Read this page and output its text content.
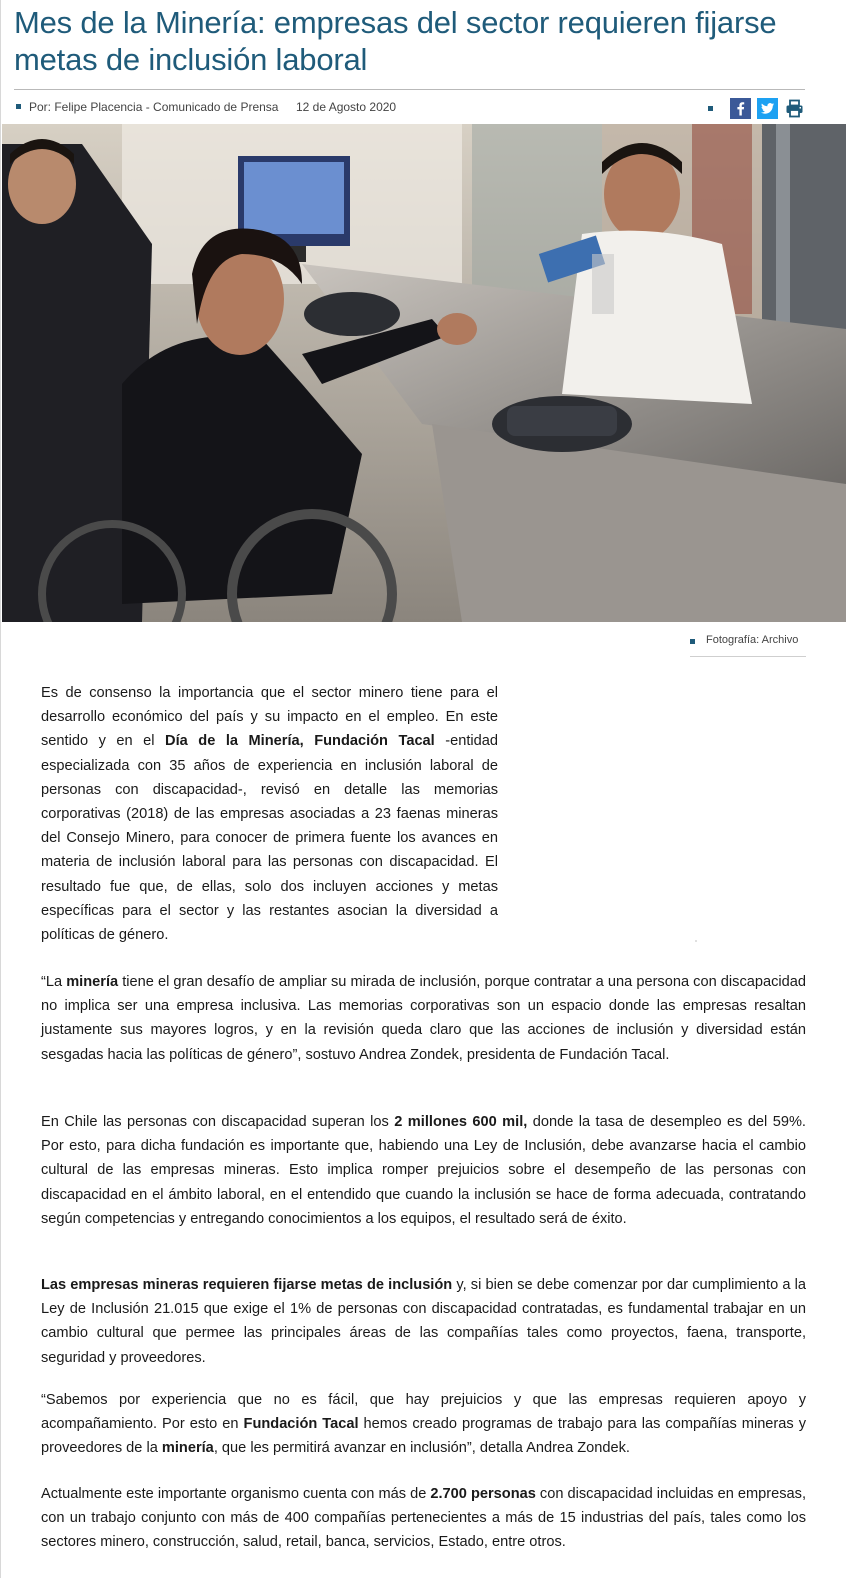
Mes de la Minería: empresas del sector requieren fijarse metas de inclusión laboral
Por: Felipe Placencia - Comunicado de Prensa 12 de Agosto 2020
Fotografía: Archivo

Es de consenso la importancia que el sector minero tiene para el desarrollo económico del país y su impacto en el empleo. En este sentido y en el Día de la Minería, Fundación Tacal -entidad especializada con 35 años de experiencia en inclusión laboral de personas con discapacidad-, revisó en detalle las memorias corporativas (2018) de las empresas asociadas a 23 faenas mineras del Consejo Minero, para conocer de primera fuente los avances en materia de inclusión laboral para las personas con discapacidad. El resultado fue que, de ellas, solo dos incluyen acciones y metas específicas para el sector y las restantes asocian la diversidad a políticas de género.

“La minería tiene el gran desafío de ampliar su mirada de inclusión, porque contratar a una persona con discapacidad no implica ser una empresa inclusiva. Las memorias corporativas son un espacio donde las empresas resaltan justamente sus mayores logros, y en la revisión queda claro que las acciones de inclusión y diversidad están sesgadas hacia las políticas de género”, sostuvo Andrea Zondek, presidenta de Fundación Tacal.

En Chile las personas con discapacidad superan los 2 millones 600 mil, donde la tasa de desempleo es del 59%. Por esto, para dicha fundación es importante que, habiendo una Ley de Inclusión, debe avanzarse hacia el cambio cultural de las empresas mineras. Esto implica romper prejuicios sobre el desempeño de las personas con discapacidad en el ámbito laboral, en el entendido que cuando la inclusión se hace de forma adecuada, contratando según competencias y entregando conocimientos a los equipos, el resultado será de éxito.

Las empresas mineras requieren fijarse metas de inclusión y, si bien se debe comenzar por dar cumplimiento a la Ley de Inclusión 21.015 que exige el 1% de personas con discapacidad contratadas, es fundamental trabajar en un cambio cultural que permee las principales áreas de las compañías tales como proyectos, faena, transporte, seguridad y proveedores.

“Sabemos por experiencia que no es fácil, que hay prejuicios y que las empresas requieren apoyo y acompañamiento. Por esto en Fundación Tacal hemos creado programas de trabajo para las compañías mineras y proveedores de la minería, que les permitirá avanzar en inclusión”, detalla Andrea Zondek.

Actualmente este importante organismo cuenta con más de 2.700 personas con discapacidad incluidas en empresas, con un trabajo conjunto con más de 400 compañías pertenecientes a más de 15 industrias del país, tales como los sectores minero, construcción, salud, retail, banca, servicios, Estado, entre otros.
